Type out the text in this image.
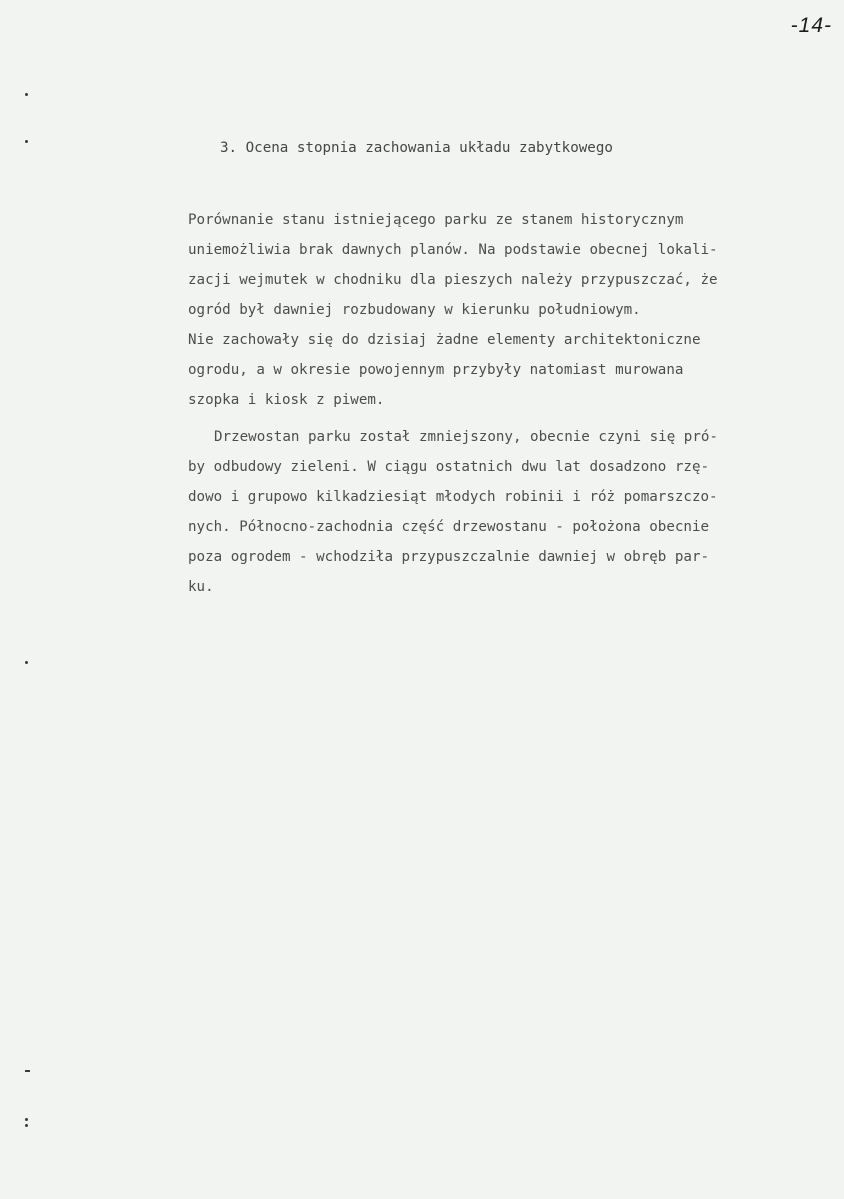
-14-
3. Ocena stopnia zachowania układu zabytkowego
Porównanie stanu istniejącego parku ze stanem historycznym
uniemożliwia brak dawnych planów. Na podstawie obecnej lokali-
zacji wejmutek w chodniku dla pieszych należy przypuszczać, że
ogród był dawniej rozbudowany w kierunku południowym.
Nie zachowały się do dzisiaj żadne elementy architektoniczne
ogrodu, a w okresie powojennym przybyły natomiast murowana
szopka i kiosk z piwem.
Drzewostan parku został zmniejszony, obecnie czyni się pró-
by odbudowy zieleni. W ciągu ostatnich dwu lat dosadzono rzę-
dowo i grupowo kilkadziesiąt młodych robinii i róż pomarszczo-
nych. Północno-zachodnia część drzewostanu - położona obecnie
poza ogrodem - wchodziła przypuszczalnie dawniej w obręb par-
ku.
